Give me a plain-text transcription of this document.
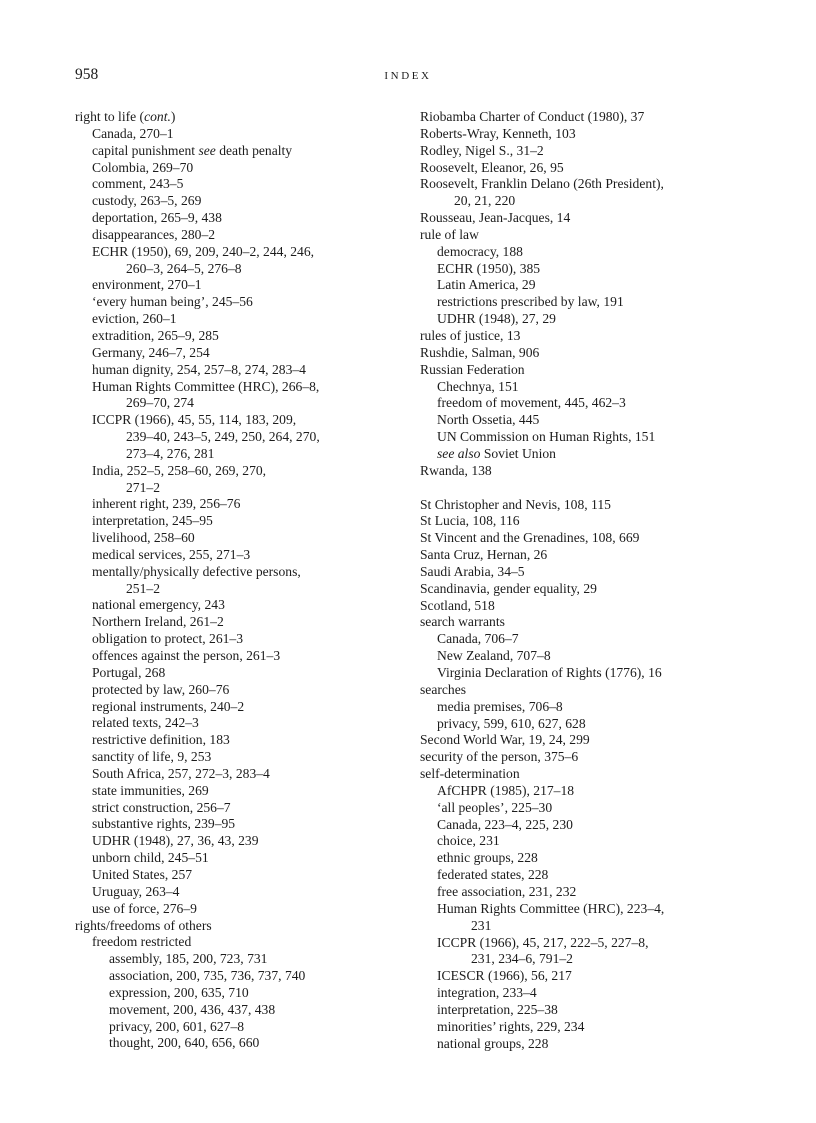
958	INDEX
right to life (cont.)
Canada, 270–1
capital punishment see death penalty
Colombia, 269–70
comment, 243–5
custody, 263–5, 269
deportation, 265–9, 438
disappearances, 280–2
ECHR (1950), 69, 209, 240–2, 244, 246,
260–3, 264–5, 276–8
environment, 270–1
‘every human being’, 245–56
eviction, 260–1
extradition, 265–9, 285
Germany, 246–7, 254
human dignity, 254, 257–8, 274, 283–4
Human Rights Committee (HRC), 266–8,
269–70, 274
ICCPR (1966), 45, 55, 114, 183, 209,
239–40, 243–5, 249, 250, 264, 270,
273–4, 276, 281
India, 252–5, 258–60, 269, 270,
271–2
inherent right, 239, 256–76
interpretation, 245–95
livelihood, 258–60
medical services, 255, 271–3
mentally/physically defective persons,
251–2
national emergency, 243
Northern Ireland, 261–2
obligation to protect, 261–3
offences against the person, 261–3
Portugal, 268
protected by law, 260–76
regional instruments, 240–2
related texts, 242–3
restrictive definition, 183
sanctity of life, 9, 253
South Africa, 257, 272–3, 283–4
state immunities, 269
strict construction, 256–7
substantive rights, 239–95
UDHR (1948), 27, 36, 43, 239
unborn child, 245–51
United States, 257
Uruguay, 263–4
use of force, 276–9
rights/freedoms of others
freedom restricted
assembly, 185, 200, 723, 731
association, 200, 735, 736, 737, 740
expression, 200, 635, 710
movement, 200, 436, 437, 438
privacy, 200, 601, 627–8
thought, 200, 640, 656, 660
Riobamba Charter of Conduct (1980), 37
Roberts-Wray, Kenneth, 103
Rodley, Nigel S., 31–2
Roosevelt, Eleanor, 26, 95
Roosevelt, Franklin Delano (26th President),
20, 21, 220
Rousseau, Jean-Jacques, 14
rule of law
democracy, 188
ECHR (1950), 385
Latin America, 29
restrictions prescribed by law, 191
UDHR (1948), 27, 29
rules of justice, 13
Rushdie, Salman, 906
Russian Federation
Chechnya, 151
freedom of movement, 445, 462–3
North Ossetia, 445
UN Commission on Human Rights, 151
see also Soviet Union
Rwanda, 138
St Christopher and Nevis, 108, 115
St Lucia, 108, 116
St Vincent and the Grenadines, 108, 669
Santa Cruz, Hernan, 26
Saudi Arabia, 34–5
Scandinavia, gender equality, 29
Scotland, 518
search warrants
Canada, 706–7
New Zealand, 707–8
Virginia Declaration of Rights (1776), 16
searches
media premises, 706–8
privacy, 599, 610, 627, 628
Second World War, 19, 24, 299
security of the person, 375–6
self-determination
AfCHPR (1985), 217–18
‘all peoples’, 225–30
Canada, 223–4, 225, 230
choice, 231
ethnic groups, 228
federated states, 228
free association, 231, 232
Human Rights Committee (HRC), 223–4,
231
ICCPR (1966), 45, 217, 222–5, 227–8,
231, 234–6, 791–2
ICESCR (1966), 56, 217
integration, 233–4
interpretation, 225–38
minorities’ rights, 229, 234
national groups, 228
